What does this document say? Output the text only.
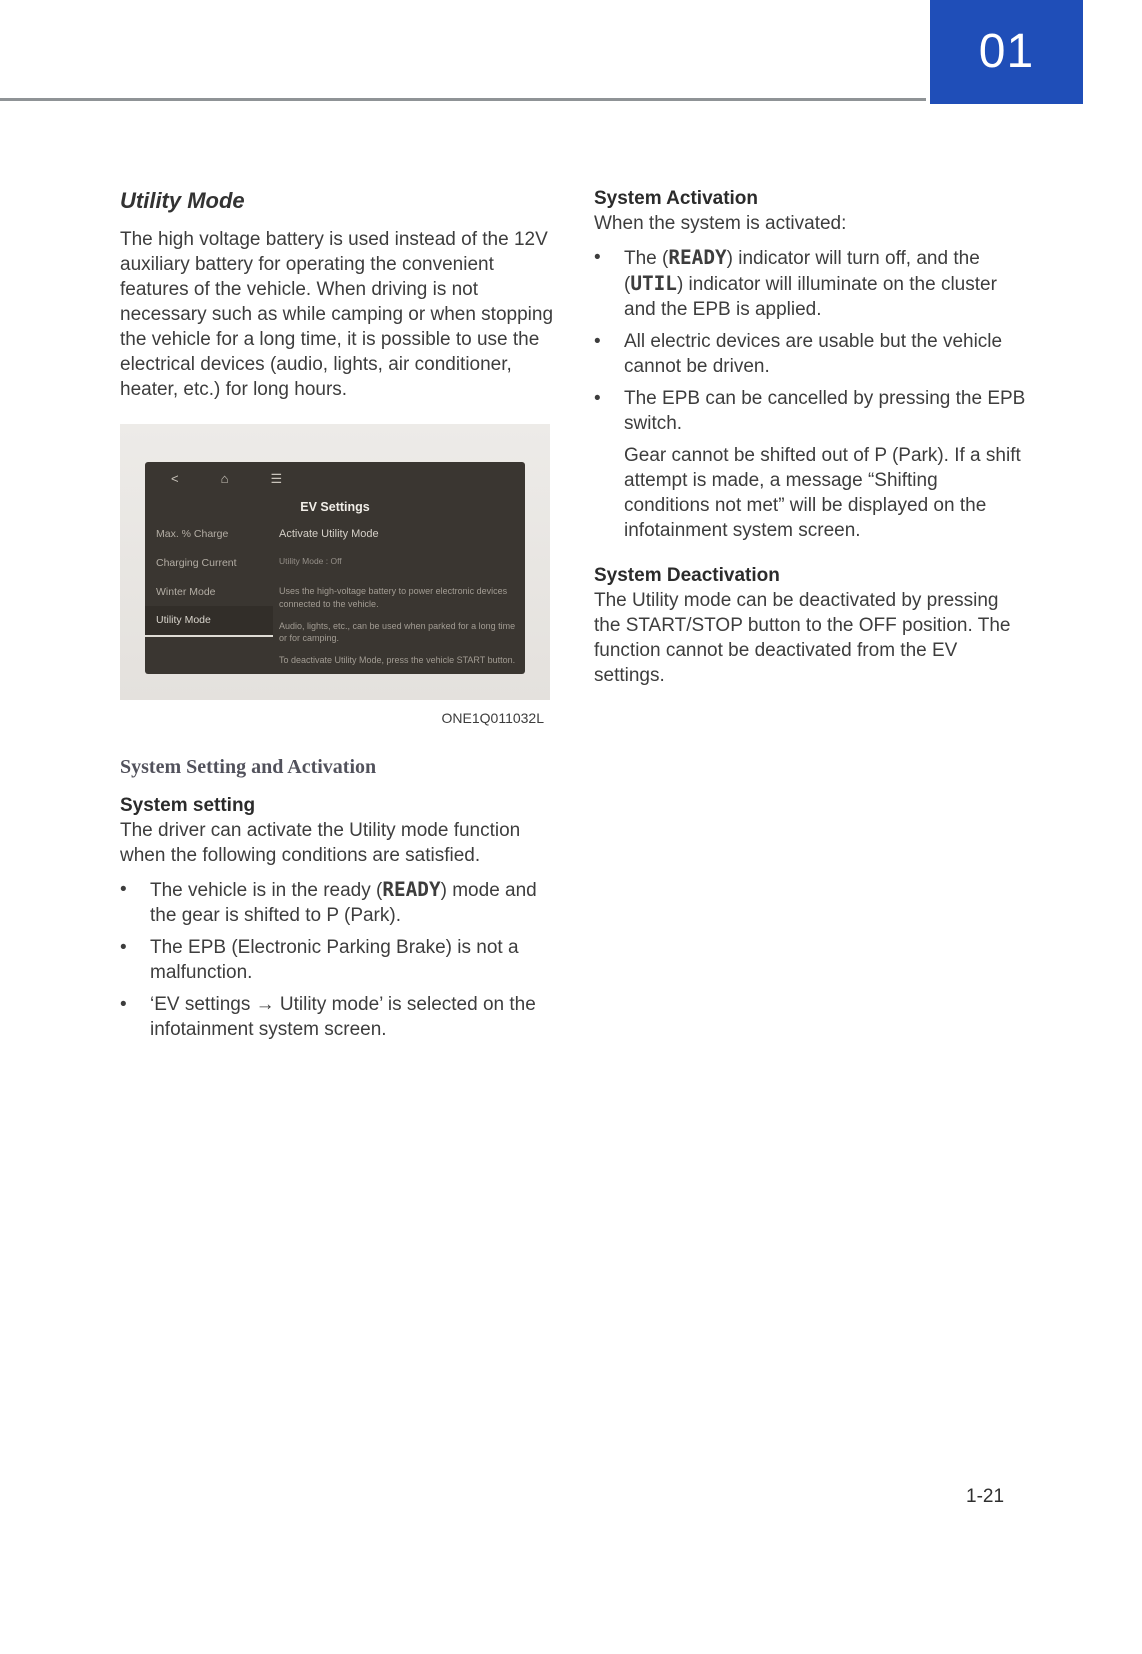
01
Utility Mode

The high voltage battery is used instead of the 12V auxiliary battery for operating the convenient features of the vehicle. When driving is not necessary such as while camping or when stopping the vehicle for a long time, it is possible to use the electrical devices (audio, lights, air conditioner, heater, etc.) for long hours.

<	⌂	☰
EV Settings
Max. % Charge
Charging Current
Winter Mode
Utility Mode
Activate Utility Mode
Utility Mode : Off

Uses the high-voltage battery to power electronic devices connected to the vehicle.

Audio, lights, etc., can be used when parked for a long time or for camping.

To deactivate Utility Mode, press the vehicle START button.

ONE1Q011032L
System Setting and Activation
System setting

The driver can activate the Utility mode function when the following conditions are satisfied.

•	The vehicle is in the ready (READY) mode and the gear is shifted to P (Park).
•	The EPB (Electronic Parking Brake) is not a malfunction.
•	‘EV settings → Utility mode’ is selected on the infotainment system screen.
System Activation

When the system is activated:

•	The (READY) indicator will turn off, and the (UTIL) indicator will illuminate on the cluster and the EPB is applied.
•	All electric devices are usable but the vehicle cannot be driven.
•	The EPB can be cancelled by pressing the EPB switch.

Gear cannot be shifted out of P (Park). If a shift attempt is made, a message “Shifting conditions not met” will be displayed on the infotainment system screen.

System Deactivation

The Utility mode can be deactivated by pressing the START/STOP button to the OFF position. The function cannot be deactivated from the EV settings.

1-21
